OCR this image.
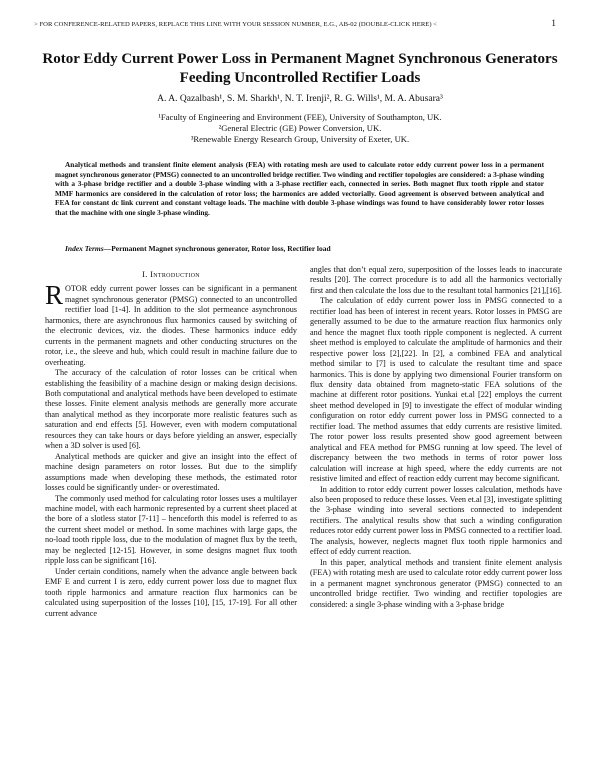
> FOR CONFERENCE-RELATED PAPERS, REPLACE THIS LINE WITH YOUR SESSION NUMBER, E.G., AB-02 (DOUBLE-CLICK HERE) <	1
Rotor Eddy Current Power Loss in Permanent Magnet Synchronous Generators Feeding Uncontrolled Rectifier Loads
A. A. Qazalbash¹, S. M. Sharkh¹, N. T. Irenji², R. G. Wills¹, M. A. Abusara³
¹Faculty of Engineering and Environment (FEE), University of Southampton, UK.
²General Electric (GE) Power Conversion, UK.
³Renewable Energy Research Group, University of Exeter, UK.
Analytical methods and transient finite element analysis (FEA) with rotating mesh are used to calculate rotor eddy current power loss in a permanent magnet synchronous generator (PMSG) connected to an uncontrolled bridge rectifier. Two winding and rectifier topologies are considered: a 3-phase winding with a 3-phase bridge rectifier and a double 3-phase winding with a 3-phase rectifier each, connected in series. Both magnet flux tooth ripple and stator MMF harmonics are considered in the calculation of rotor loss; the harmonics are added vectorially. Good agreement is observed between analytical and FEA for constant dc link current and constant voltage loads. The machine with double 3-phase windings was found to have considerably lower rotor losses that the machine with one single 3-phase winding.
Index Terms—Permanent Magnet synchronous generator, Rotor loss, Rectifier load
I. Introduction

ROTOR eddy current power losses can be significant in a permanent magnet synchronous generator (PMSG) connected to an uncontrolled rectifier load [1-4]. In addition to the slot permeance asynchronous harmonics, there are asynchronous flux harmonics caused by switching of the electronic devices, viz. the diodes. These harmonics induce eddy currents in the permanent magnets and other conducting structures on the rotor, i.e., the sleeve and hub, which could result in machine failure due to overheating.

The accuracy of the calculation of rotor losses can be critical when establishing the feasibility of a machine design or making design decisions. Both computational and analytical methods have been developed to estimate these losses. Finite element analysis methods are generally more accurate than analytical method as they incorporate more realistic features such as saturation and end effects [5]. However, even with modern computational resources they can take hours or days before yielding an answer, especially when a 3D solver is used [6].

Analytical methods are quicker and give an insight into the effect of machine design parameters on rotor losses. But due to the simplify assumptions made when developing these methods, the estimated rotor losses could be significantly under- or overestimated.

The commonly used method for calculating rotor losses uses a multilayer machine model, with each harmonic represented by a current sheet placed at the bore of a slotless stator [7-11] – henceforth this model is referred to as the current sheet model or method. In some machines with large gaps, the no-load tooth ripple loss, due to the modulation of magnet flux by the teeth, may be neglected [12-15]. However, in some designs magnet flux tooth ripple loss can be significant [16].

Under certain conditions, namely when the advance angle between back EMF E and current I is zero, eddy current power loss due to magnet flux tooth ripple harmonics and armature reaction flux harmonics can be calculated using superposition of the losses [10], [15, 17-19]. For all other current advance

angles that don’t equal zero, superposition of the losses leads to inaccurate results [20]. The correct procedure is to add all the harmonics vectorially first and then calculate the loss due to the resultant total harmonics [21],[16].

The calculation of eddy current power loss in PMSG connected to a rectifier load has been of interest in recent years. Rotor losses in PMSG are generally assumed to be due to the armature reaction flux harmonics only and hence the magnet flux tooth ripple component is neglected. A current sheet method is employed to calculate the amplitude of harmonics and their respective power loss [2],[22]. In [2], a combined FEA and analytical method similar to [7] is used to calculate the resultant time and space harmonics. This is done by applying two dimensional Fourier transform on flux density data obtained from magneto-static FEA solutions of the machine at different rotor positions. Yunkai et.al [22] employs the current sheet method developed in [9] to investigate the effect of modular winding configuration on rotor eddy current power loss in PMSG connected to a rectifier load. The method assumes that eddy currents are resistive limited. The rotor power loss results presented show good agreement between analytical and FEA method for PMSG running at low speed. The level of discrepancy between the two methods in terms of rotor power loss calculation will increase at high speed, where the eddy currents are not resistive limited and effect of reaction eddy current may become significant.

In addition to rotor eddy current power losses calculation, methods have also been proposed to reduce these losses. Veen et.al [3], investigate splitting the 3-phase winding into several sections connected to independent rectifiers. The analytical results show that such a winding configuration reduces rotor eddy current power loss in PMSG connected to a rectifier load. The analysis, however, neglects magnet flux tooth ripple harmonics and effect of eddy current reaction.

In this paper, analytical methods and transient finite element analysis (FEA) with rotating mesh are used to calculate rotor eddy current power loss in a permanent magnet synchronous generator (PMSG) connected to an uncontrolled bridge rectifier. Two winding and rectifier topologies are considered: a single 3-phase winding with a 3-phase bridge
